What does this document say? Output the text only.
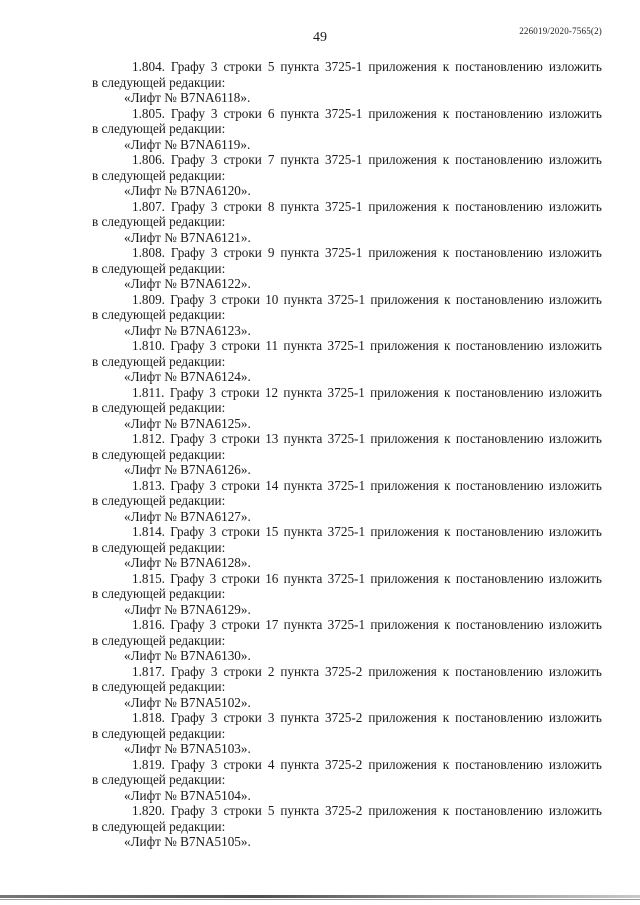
49	226019/2020-7565(2)
1.804. Графу 3 строки 5 пункта 3725-1 приложения к постановлению изложить
в следующей редакции:
«Лифт № B7NA6118».
1.805. Графу 3 строки 6 пункта 3725-1 приложения к постановлению изложить
в следующей редакции:
«Лифт № B7NA6119».
1.806. Графу 3 строки 7 пункта 3725-1 приложения к постановлению изложить
в следующей редакции:
«Лифт № B7NA6120».
1.807. Графу 3 строки 8 пункта 3725-1 приложения к постановлению изложить
в следующей редакции:
«Лифт № B7NA6121».
1.808. Графу 3 строки 9 пункта 3725-1 приложения к постановлению изложить
в следующей редакции:
«Лифт № B7NA6122».
1.809. Графу 3 строки 10 пункта 3725-1 приложения к постановлению изложить
в следующей редакции:
«Лифт № B7NA6123».
1.810. Графу 3 строки 11 пункта 3725-1 приложения к постановлению изложить
в следующей редакции:
«Лифт № B7NA6124».
1.811. Графу 3 строки 12 пункта 3725-1 приложения к постановлению изложить
в следующей редакции:
«Лифт № B7NA6125».
1.812. Графу 3 строки 13 пункта 3725-1 приложения к постановлению изложить
в следующей редакции:
«Лифт № B7NA6126».
1.813. Графу 3 строки 14 пункта 3725-1 приложения к постановлению изложить
в следующей редакции:
«Лифт № B7NA6127».
1.814. Графу 3 строки 15 пункта 3725-1 приложения к постановлению изложить
в следующей редакции:
«Лифт № B7NA6128».
1.815. Графу 3 строки 16 пункта 3725-1 приложения к постановлению изложить
в следующей редакции:
«Лифт № B7NA6129».
1.816. Графу 3 строки 17 пункта 3725-1 приложения к постановлению изложить
в следующей редакции:
«Лифт № B7NA6130».
1.817. Графу 3 строки 2 пункта 3725-2 приложения к постановлению изложить
в следующей редакции:
«Лифт № B7NA5102».
1.818. Графу 3 строки 3 пункта 3725-2 приложения к постановлению изложить
в следующей редакции:
«Лифт № B7NA5103».
1.819. Графу 3 строки 4 пункта 3725-2 приложения к постановлению изложить
в следующей редакции:
«Лифт № B7NA5104».
1.820. Графу 3 строки 5 пункта 3725-2 приложения к постановлению изложить
в следующей редакции:
«Лифт № B7NA5105».
